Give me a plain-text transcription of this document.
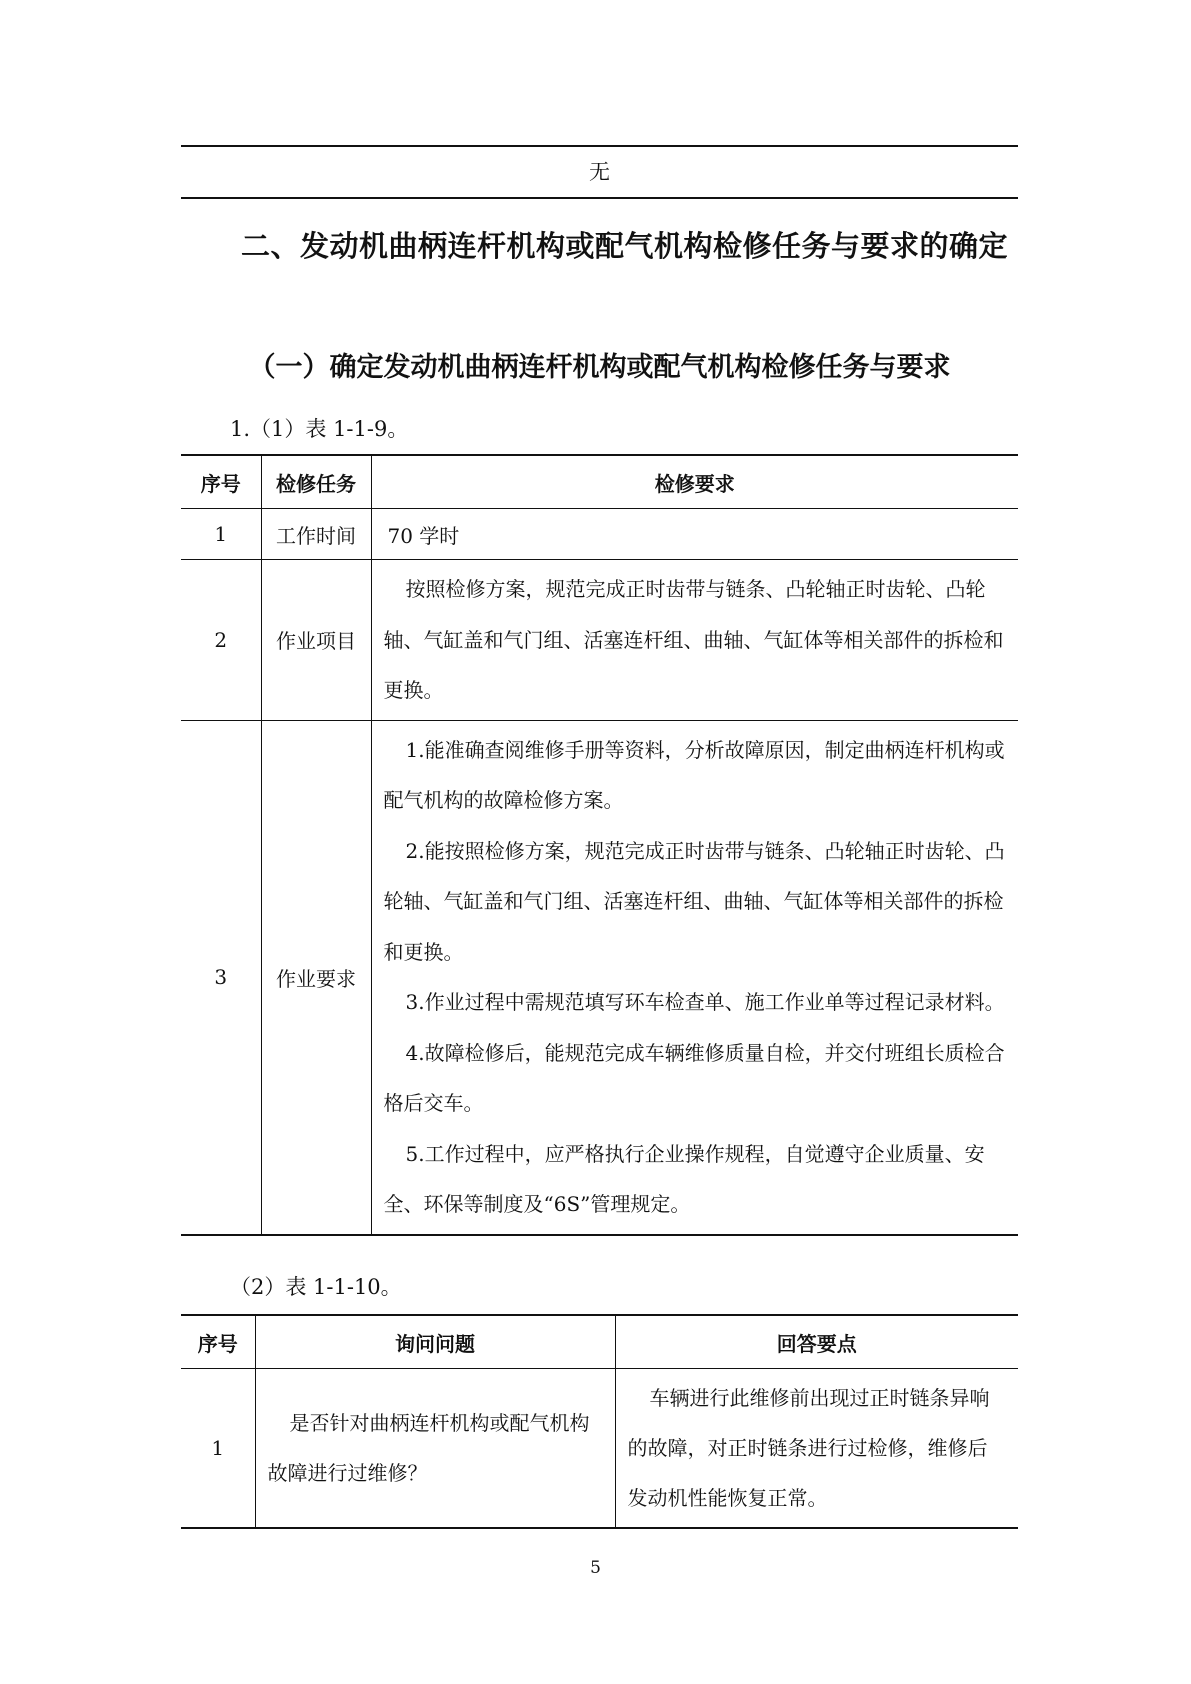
无
二、发动机曲柄连杆机构或配气机构检修任务与要求的确定
（一）确定发动机曲柄连杆机构或配气机构检修任务与要求
1.（1）表 1-1-9。
序号	检修任务	检修要求
1	工作时间	70 学时
2	作业项目	按照检修方案，规范完成正时齿带与链条、凸轮轴正时齿轮、凸轮轴、气缸盖和气门组、活塞连杆组、曲轴、气缸体等相关部件的拆检和更换。

3	作业要求	1.能准确查阅维修手册等资料，分析故障原因，制定曲柄连杆机构或配气机构的故障检修方案。

2.能按照检修方案，规范完成正时齿带与链条、凸轮轴正时齿轮、凸轮轴、气缸盖和气门组、活塞连杆组、曲轴、气缸体等相关部件的拆检和更换。

3.作业过程中需规范填写环车检查单、施工作业单等过程记录材料。

4.故障检修后，能规范完成车辆维修质量自检，并交付班组长质检合格后交车。

5.工作过程中，应严格执行企业操作规程，自觉遵守企业质量、安全、环保等制度及“6S”管理规定。

（2）表 1-1-10。
序号	询问问题	回答要点
1	是否针对曲柄连杆机构或配气机构故障进行过维修？	车辆进行此维修前出现过正时链条异响的故障，对正时链条进行过检修，维修后发动机性能恢复正常。

5
